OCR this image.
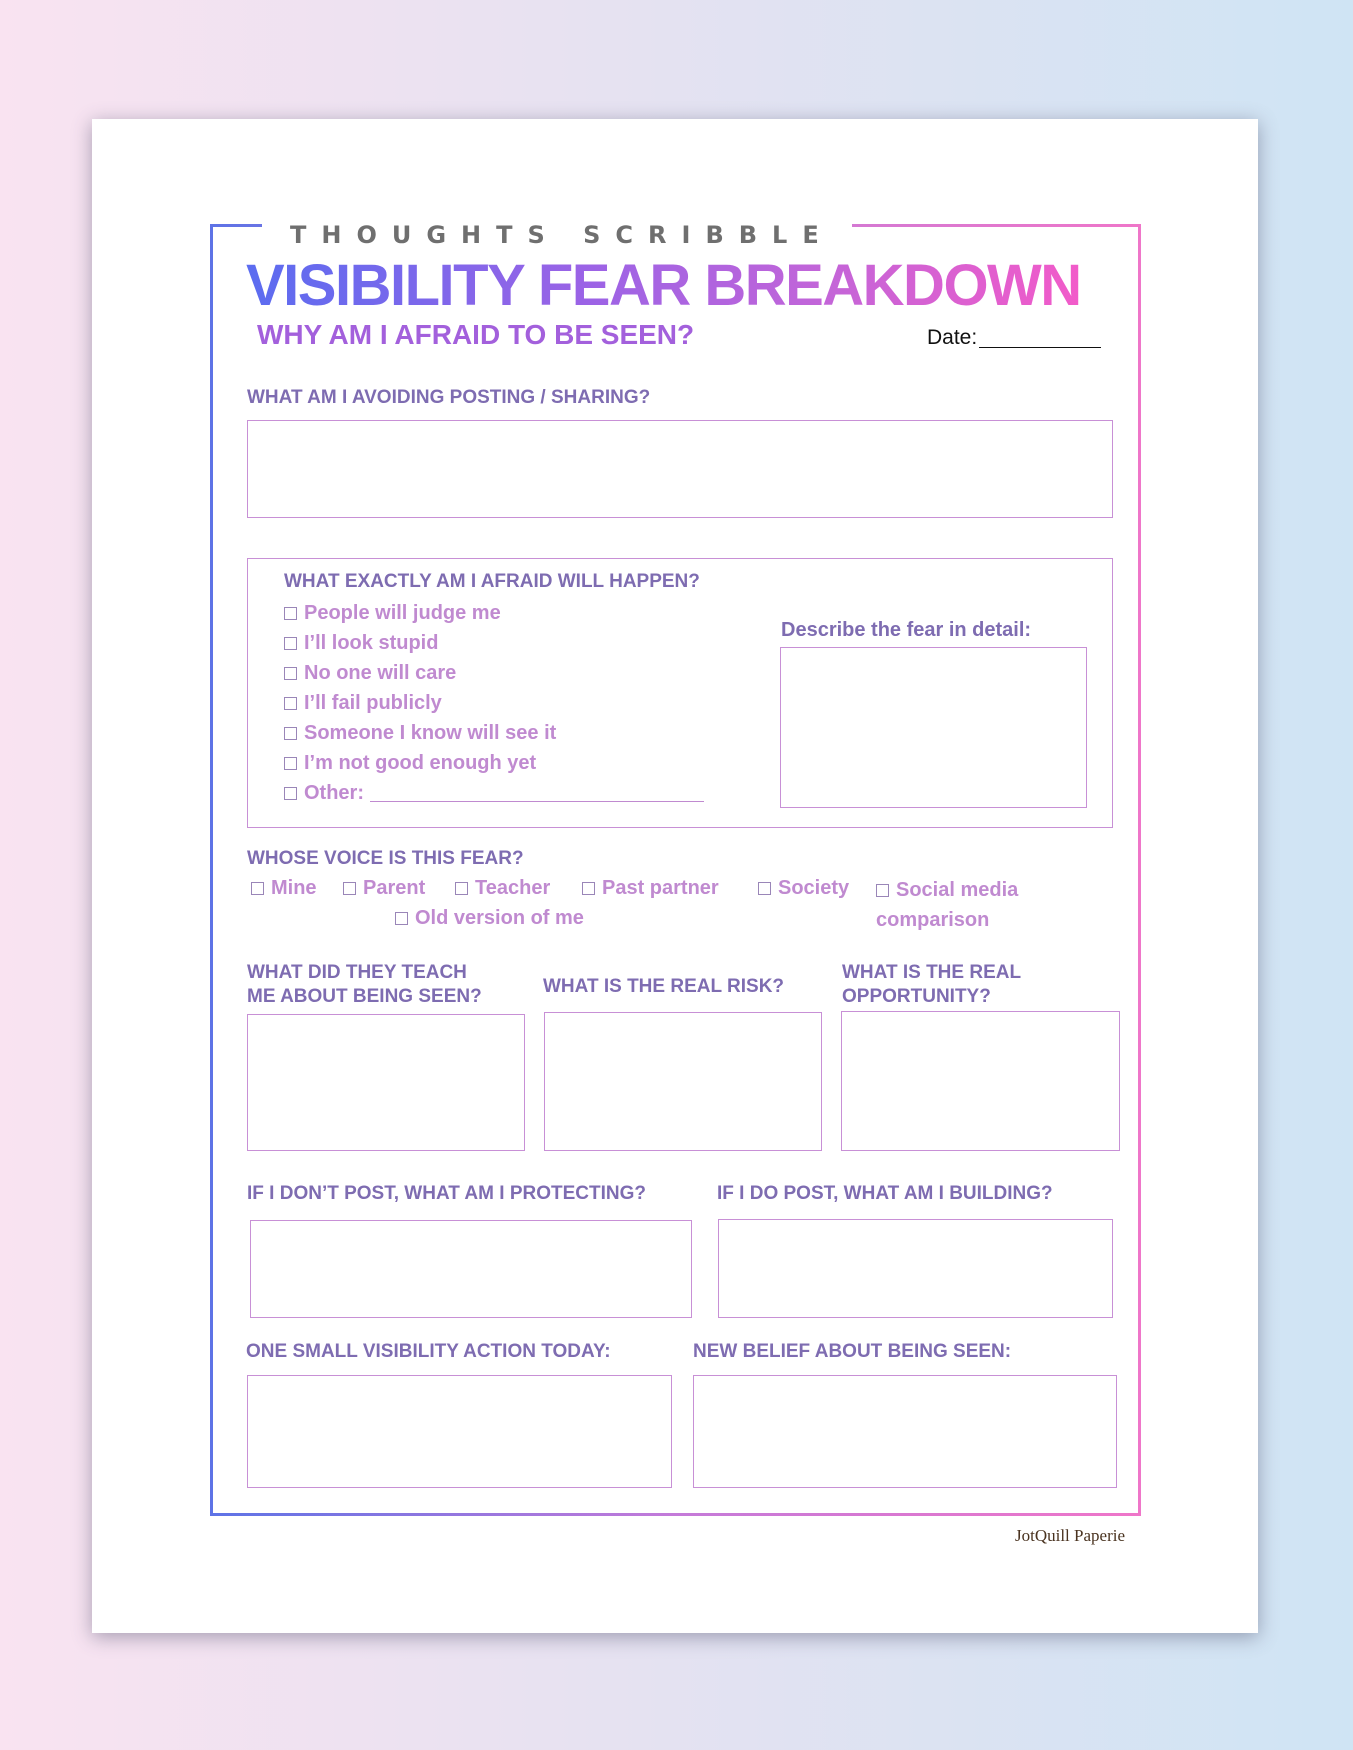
THOUGHTS SCRIBBLE
VISIBILITY FEAR BREAKDOWN
WHY AM I AFRAID TO BE SEEN?	Date:
WHAT AM I AVOIDING POSTING / SHARING?
WHAT EXACTLY AM I AFRAID WILL HAPPEN?
People will judge me
I’ll look stupid
No one will care
I’ll fail publicly
Someone I know will see it
I’m not good enough yet
Other:
Describe the fear in detail:
WHOSE VOICE IS THIS FEAR?
Mine	Parent	Teacher	Past partner	Society	Social media comparison
Old version of me
WHAT DID THEY TEACH
ME ABOUT BEING SEEN?	WHAT IS THE REAL RISK?
WHAT IS THE REAL
OPPORTUNITY?
IF I DON’T POST, WHAT AM I PROTECTING?	IF I DO POST, WHAT AM I BUILDING?
ONE SMALL VISIBILITY ACTION TODAY:	NEW BELIEF ABOUT BEING SEEN:
JotQuill Paperie
